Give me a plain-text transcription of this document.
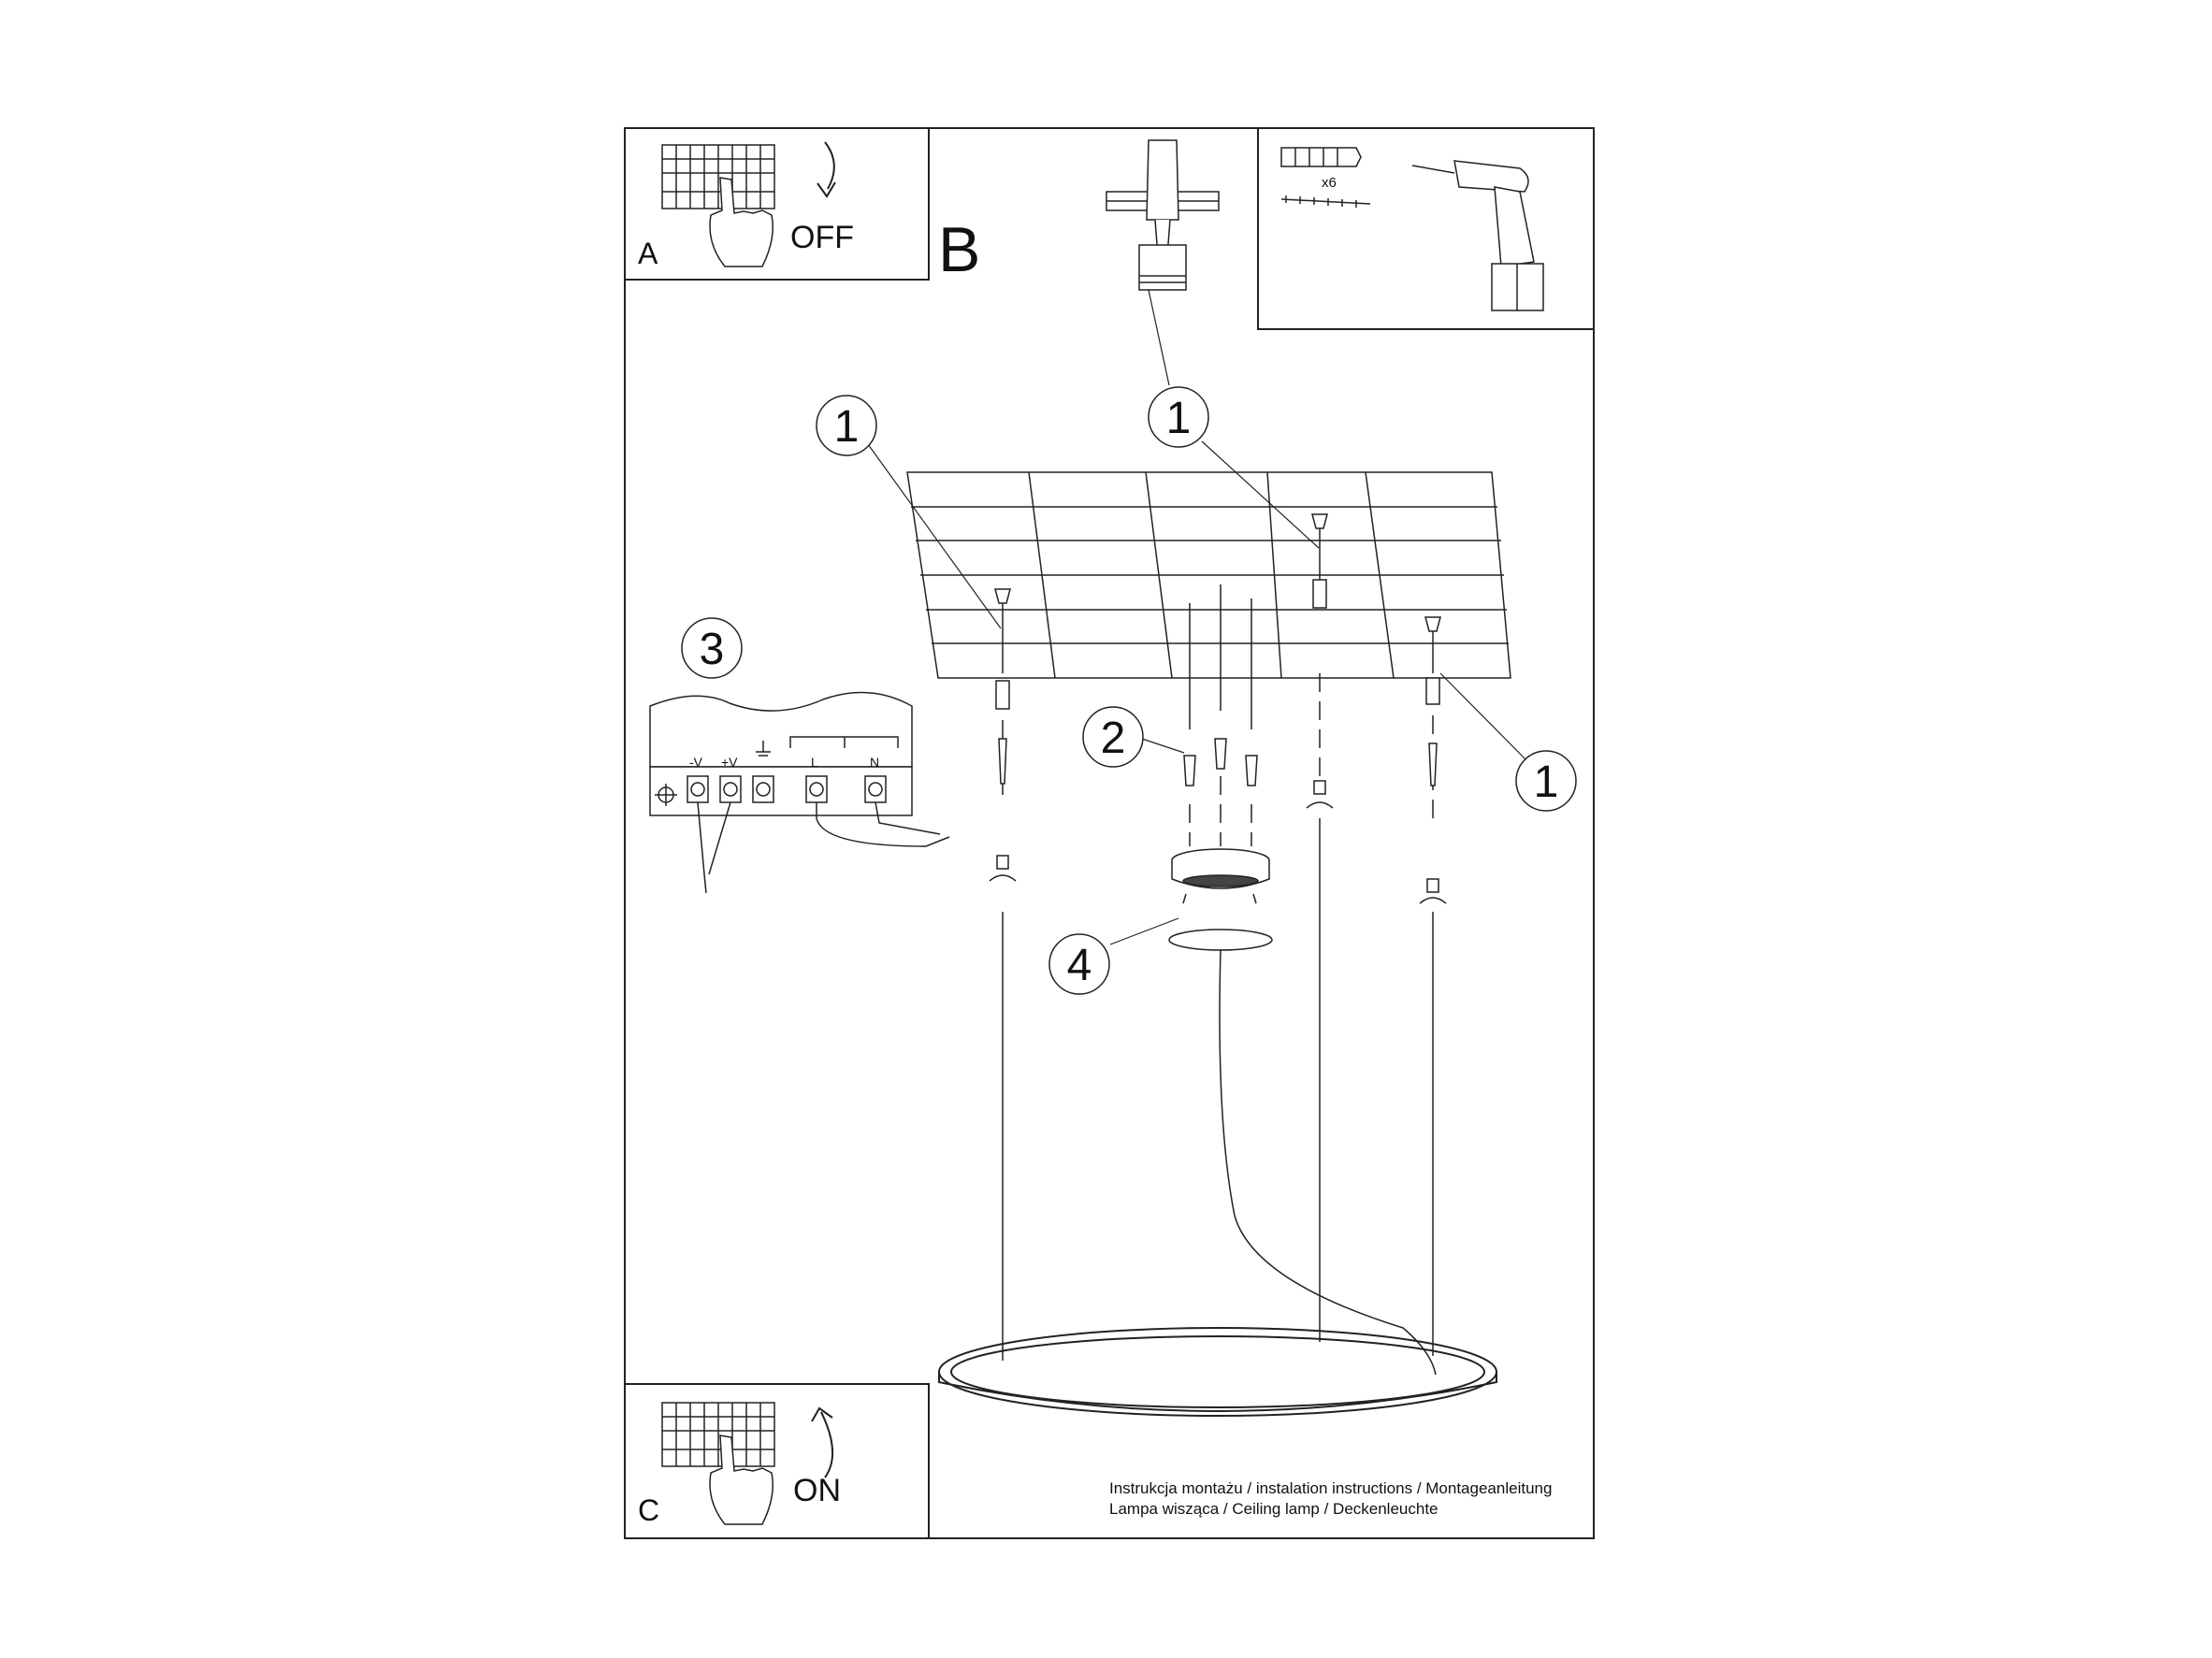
A	OFF B
x6
-V +V	L	N
1	1
1
2
3
4
C
ON	Instrukcja montażu / instalation instructions / Montageanleitung
Lampa wisząca / Ceiling lamp / Deckenleuchte
